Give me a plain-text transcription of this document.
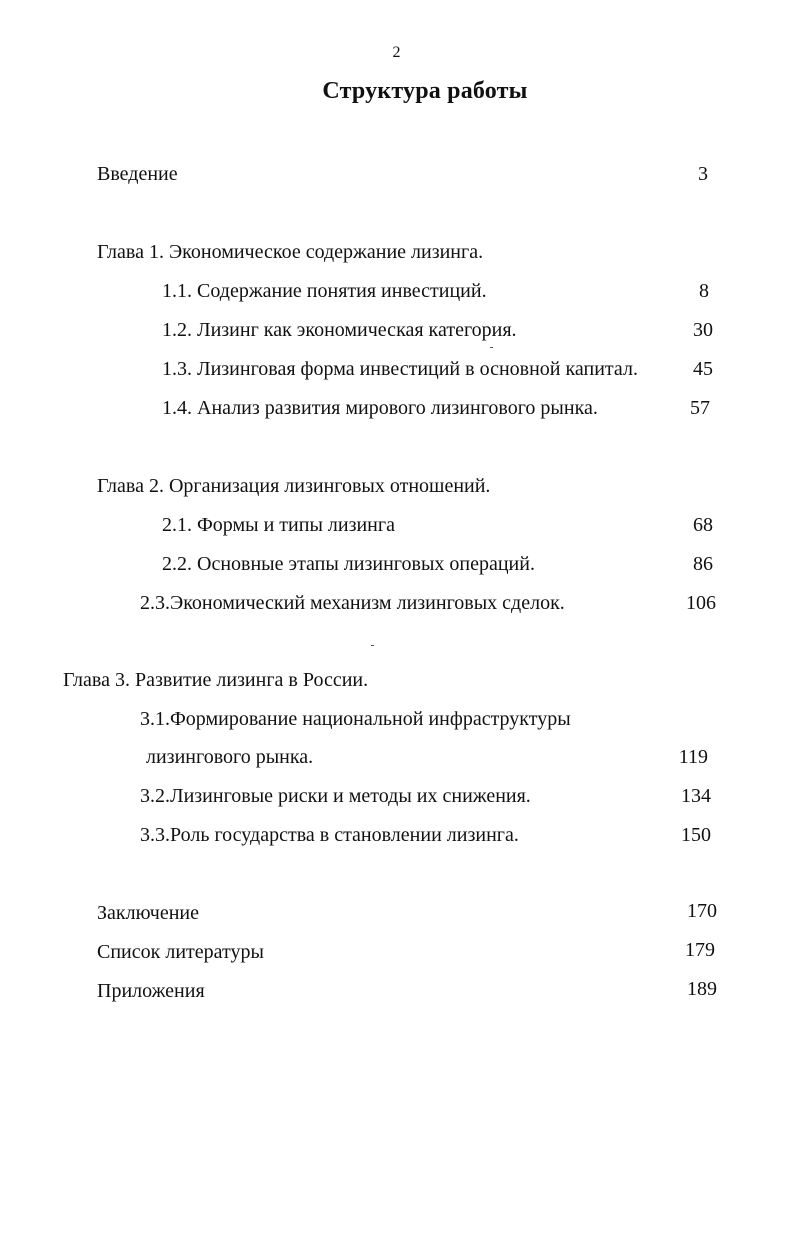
2
Структура работы
Введение	3
Глава 1. Экономическое содержание лизинга.
1.1. Содержание понятия инвестиций.	8
1.2. Лизинг как экономическая категория.	30
1.3. Лизинговая форма инвестиций в основной капитал.	45
1.4. Анализ развития мирового лизингового рынка.	57
Глава 2. Организация лизинговых отношений.
2.1. Формы и типы лизинга	68
2.2. Основные этапы лизинговых операций.	86
2.3.Экономический механизм лизинговых сделок.	106
Глава 3. Развитие лизинга в России.
3.1.Формирование национальной инфраструктуры
лизингового рынка.	119
3.2.Лизинговые риски и методы их снижения.	134
3.3.Роль государства в становлении лизинга.	150
Заключение	170
Список литературы	179
Приложения	189
